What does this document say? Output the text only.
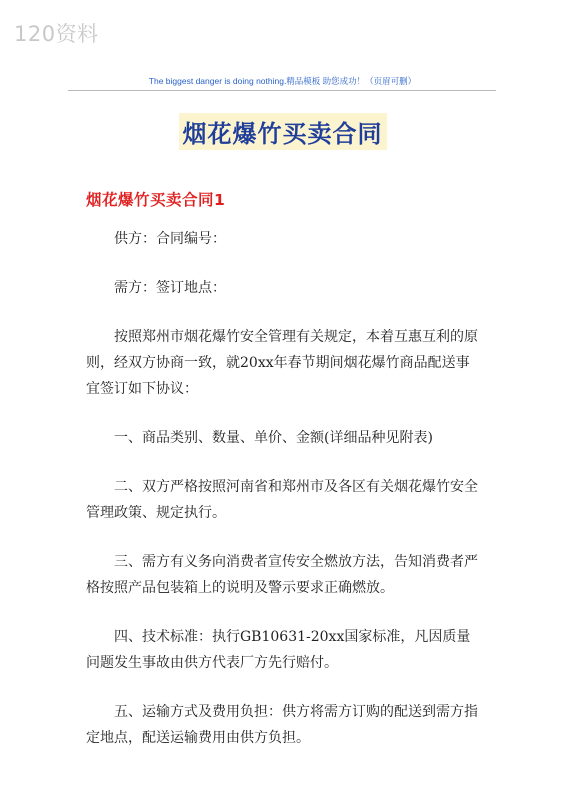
120资料
The biggest danger is doing nothing.精品模板 助您成功！（页眉可删）
烟花爆竹买卖合同
烟花爆竹买卖合同1

供方：合同编号：

需方：签订地点：

按照郑州市烟花爆竹安全管理有关规定，本着互惠互利的原则，经双方协商一致，就20xx年春节期间烟花爆竹商品配送事宜签订如下协议：

一、商品类别、数量、单价、金额(详细品种见附表)

二、双方严格按照河南省和郑州市及各区有关烟花爆竹安全管理政策、规定执行。

三、需方有义务向消费者宣传安全燃放方法，告知消费者严格按照产品包装箱上的说明及警示要求正确燃放。

四、技术标准：执行GB10631-20xx国家标准，凡因质量问题发生事故由供方代表厂方先行赔付。

五、运输方式及费用负担：供方将需方订购的配送到需方指定地点，配送运输费用由供方负担。
